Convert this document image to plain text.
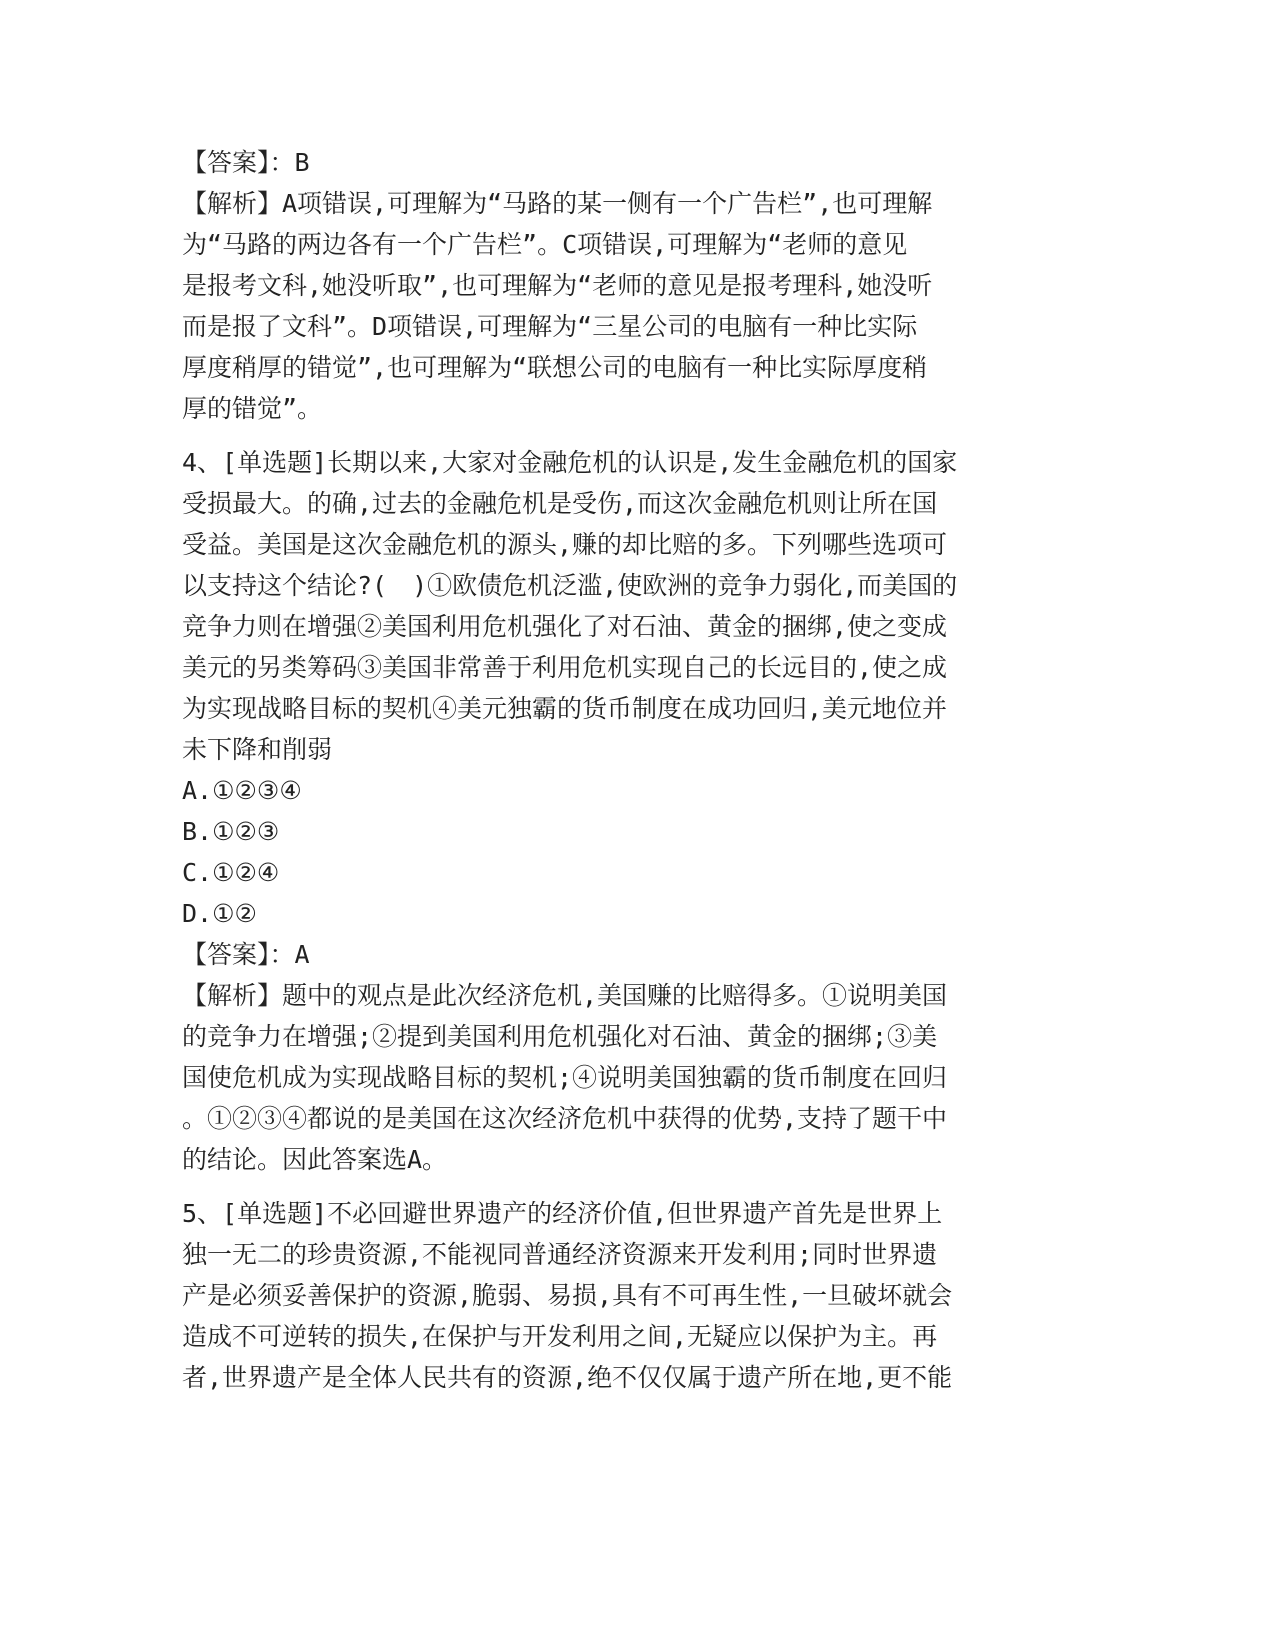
【答案】：B
【解析】A项错误,可理解为“马路的某一侧有一个广告栏”,也可理解
为“马路的两边各有一个广告栏”。C项错误,可理解为“老师的意见
是报考文科,她没听取”,也可理解为“老师的意见是报考理科,她没听
而是报了文科”。D项错误,可理解为“三星公司的电脑有一种比实际
厚度稍厚的错觉”,也可理解为“联想公司的电脑有一种比实际厚度稍
厚的错觉”。
4、[单选题]长期以来,大家对金融危机的认识是,发生金融危机的国家
受损最大。的确,过去的金融危机是受伤,而这次金融危机则让所在国
受益。美国是这次金融危机的源头,赚的却比赔的多。下列哪些选项可
以支持这个结论?(　)①欧债危机泛滥,使欧洲的竞争力弱化,而美国的
竞争力则在增强②美国利用危机强化了对石油、黄金的捆绑,使之变成
美元的另类筹码③美国非常善于利用危机实现自己的长远目的,使之成
为实现战略目标的契机④美元独霸的货币制度在成功回归,美元地位并
未下降和削弱
A.①②③④
B.①②③
C.①②④
D.①②
【答案】：A
【解析】题中的观点是此次经济危机,美国赚的比赔得多。①说明美国
的竞争力在增强;②提到美国利用危机强化对石油、黄金的捆绑;③美
国使危机成为实现战略目标的契机;④说明美国独霸的货币制度在回归
。①②③④都说的是美国在这次经济危机中获得的优势,支持了题干中
的结论。因此答案选A。
5、[单选题]不必回避世界遗产的经济价值,但世界遗产首先是世界上
独一无二的珍贵资源,不能视同普通经济资源来开发利用;同时世界遗
产是必须妥善保护的资源,脆弱、易损,具有不可再生性,一旦破坏就会
造成不可逆转的损失,在保护与开发利用之间,无疑应以保护为主。再
者,世界遗产是全体人民共有的资源,绝不仅仅属于遗产所在地,更不能
